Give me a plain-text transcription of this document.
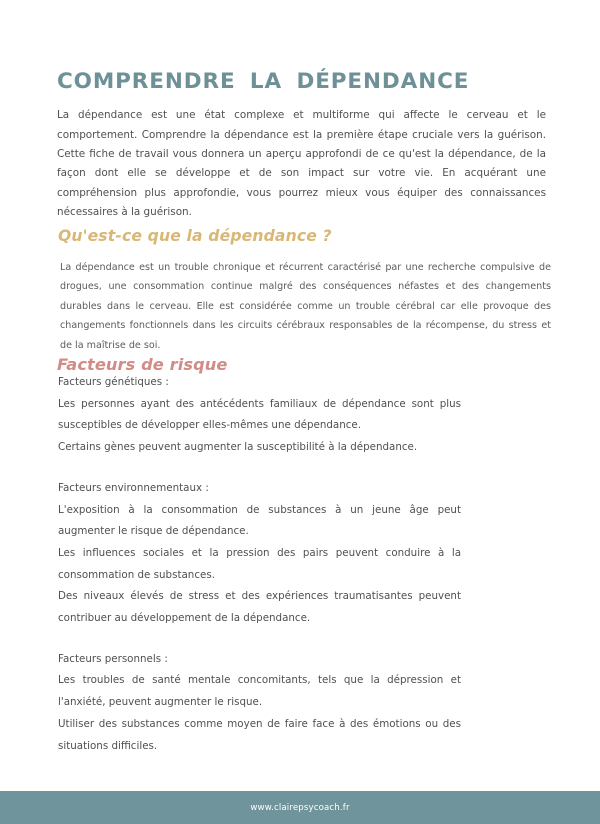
COMPRENDRE LA DÉPENDANCE

La dépendance est une état complexe et multiforme qui affecte le cerveau et le comportement. Comprendre la dépendance est la première étape cruciale vers la guérison. Cette fiche de travail vous donnera un aperçu approfondi de ce qu'est la dépendance, de la façon dont elle se développe et de son impact sur votre vie. En acquérant une compréhension plus approfondie, vous pourrez mieux vous équiper des connaissances nécessaires à la guérison.

Qu'est-ce que la dépendance ?

La dépendance est un trouble chronique et récurrent caractérisé par une recherche compulsive de drogues, une consommation continue malgré des conséquences néfastes et des changements durables dans le cerveau. Elle est considérée comme un trouble cérébral car elle provoque des changements fonctionnels dans les circuits cérébraux responsables de la récompense, du stress et de la maîtrise de soi.

Facteurs de risque
Facteurs génétiques :
Les personnes ayant des antécédents familiaux de dépendance sont plus susceptibles de développer elles-mêmes une dépendance.
Certains gènes peuvent augmenter la susceptibilité à la dépendance.
Facteurs environnementaux :
L'exposition à la consommation de substances à un jeune âge peut augmenter le risque de dépendance.
Les influences sociales et la pression des pairs peuvent conduire à la consommation de substances.
Des niveaux élevés de stress et des expériences traumatisantes peuvent contribuer au développement de la dépendance.
Facteurs personnels :
Les troubles de santé mentale concomitants, tels que la dépression et l'anxiété, peuvent augmenter le risque.
Utiliser des substances comme moyen de faire face à des émotions ou des situations difficiles.
www.clairepsycoach.fr
